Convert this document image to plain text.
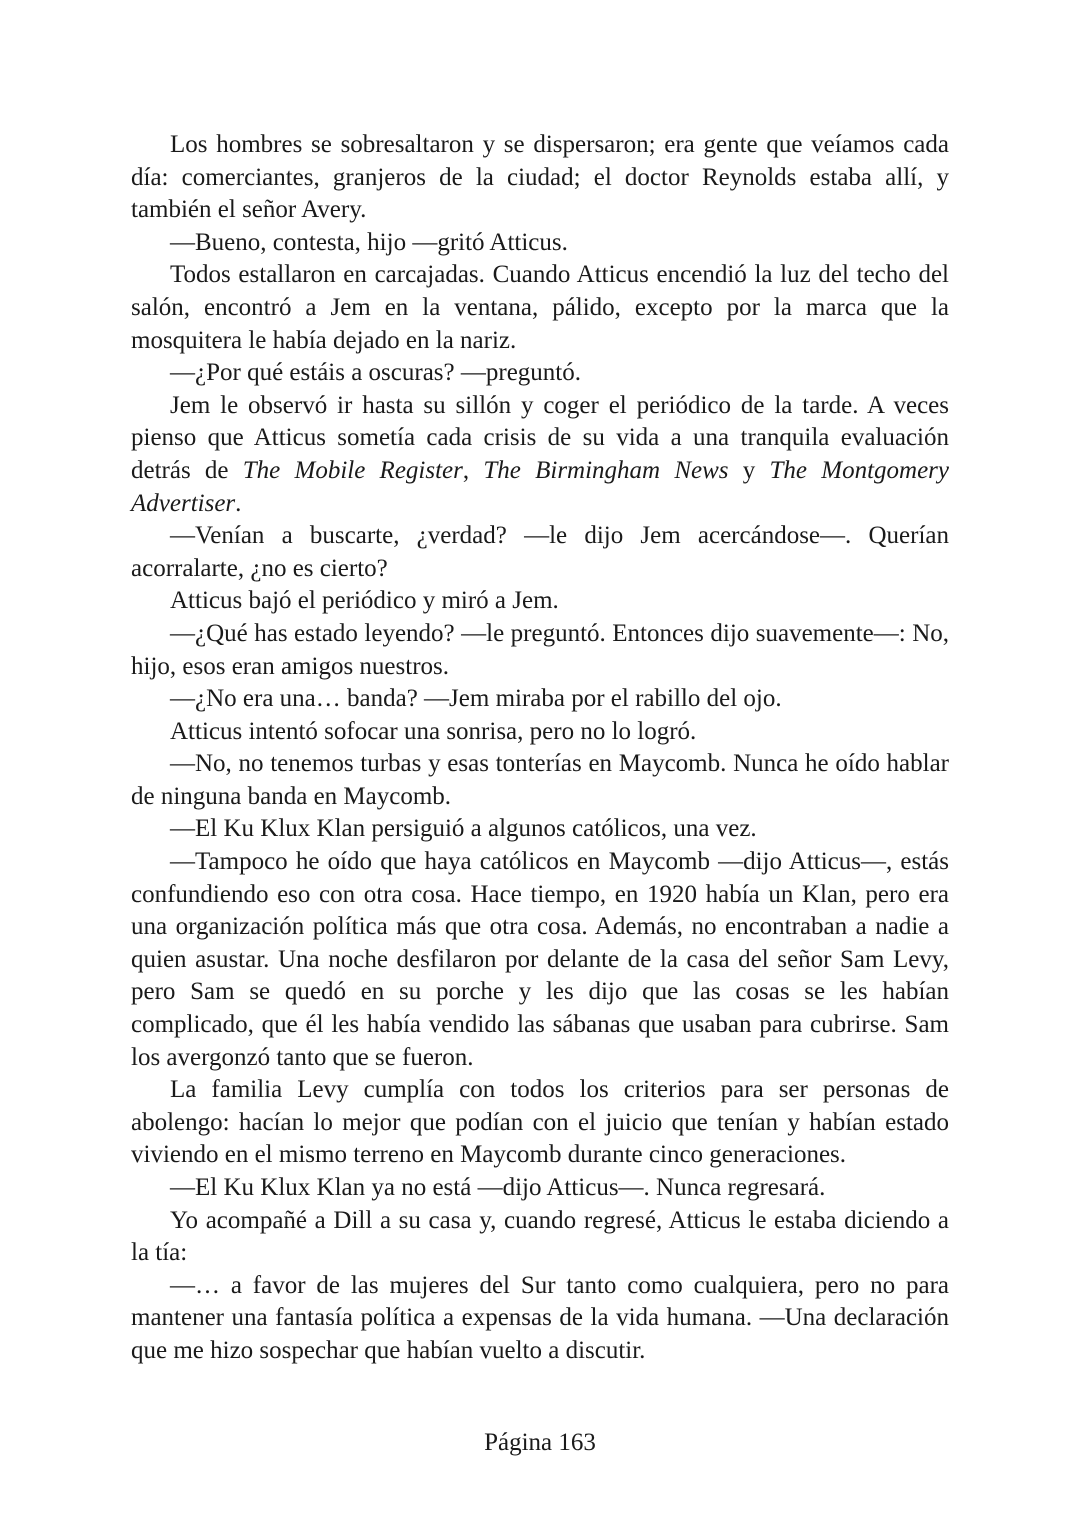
Los hombres se sobresaltaron y se dispersaron; era gente que veíamos cada día: comerciantes, granjeros de la ciudad; el doctor Reynolds estaba allí, y también el señor Avery.

—Bueno, contesta, hijo —gritó Atticus.

Todos estallaron en carcajadas. Cuando Atticus encendió la luz del techo del salón, encontró a Jem en la ventana, pálido, excepto por la marca que la mosquitera le había dejado en la nariz.

—¿Por qué estáis a oscuras? —preguntó.

Jem le observó ir hasta su sillón y coger el periódico de la tarde. A veces pienso que Atticus sometía cada crisis de su vida a una tranquila evaluación detrás de The Mobile Register, The Birmingham News y The Montgomery Advertiser.

—Venían a buscarte, ¿verdad? —le dijo Jem acercándose—. Querían acorralarte, ¿no es cierto?

Atticus bajó el periódico y miró a Jem.

—¿Qué has estado leyendo? —le preguntó. Entonces dijo suavemente—: No, hijo, esos eran amigos nuestros.

—¿No era una… banda? —Jem miraba por el rabillo del ojo.

Atticus intentó sofocar una sonrisa, pero no lo logró.

—No, no tenemos turbas y esas tonterías en Maycomb. Nunca he oído hablar de ninguna banda en Maycomb.

—El Ku Klux Klan persiguió a algunos católicos, una vez.

—Tampoco he oído que haya católicos en Maycomb —dijo Atticus—, estás confundiendo eso con otra cosa. Hace tiempo, en 1920 había un Klan, pero era una organización política más que otra cosa. Además, no encontraban a nadie a quien asustar. Una noche desfilaron por delante de la casa del señor Sam Levy, pero Sam se quedó en su porche y les dijo que las cosas se les habían complicado, que él les había vendido las sábanas que usaban para cubrirse. Sam los avergonzó tanto que se fueron.

La familia Levy cumplía con todos los criterios para ser personas de abolengo: hacían lo mejor que podían con el juicio que tenían y habían estado viviendo en el mismo terreno en Maycomb durante cinco generaciones.

—El Ku Klux Klan ya no está —dijo Atticus—. Nunca regresará.

Yo acompañé a Dill a su casa y, cuando regresé, Atticus le estaba diciendo a la tía:

—… a favor de las mujeres del Sur tanto como cualquiera, pero no para mantener una fantasía política a expensas de la vida humana. —Una declaración que me hizo sospechar que habían vuelto a discutir.

Página 163
